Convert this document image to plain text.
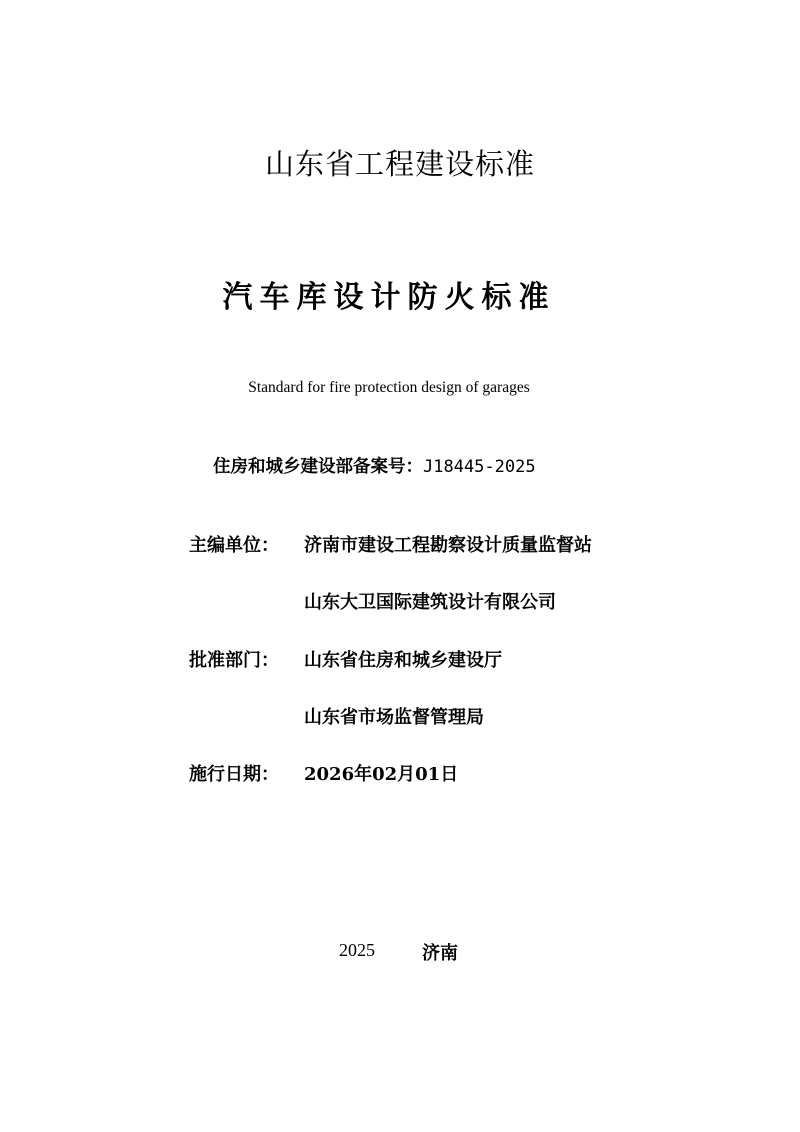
山东省工程建设标准
汽车库设计防火标准
Standard for fire protection design of garages
住房和城乡建设部备案号：J18445-2025
主编单位： 济南市建设工程勘察设计质量监督站
山东大卫国际建筑设计有限公司
批准部门： 山东省住房和城乡建设厅
山东省市场监督管理局
施行日期： 2026年02月01日
2025	济南
